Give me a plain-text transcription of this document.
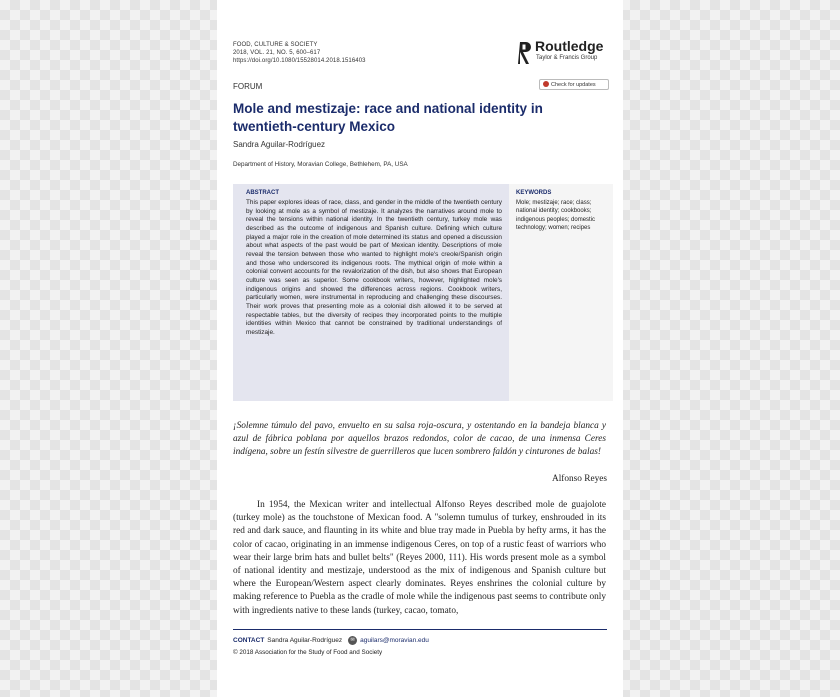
FOOD, CULTURE & SOCIETY
2018, VOL. 21, NO. 5, 600–617
https://doi.org/10.1080/15528014.2018.1516403
Routledge
Taylor & Francis Group
Check for updates
FORUM
Mole and mestizaje: race and national identity in twentieth-century Mexico
Sandra Aguilar-Rodríguez
Department of History, Moravian College, Bethlehem, PA, USA
ABSTRACT
This paper explores ideas of race, class, and gender in the middle of the twentieth century by looking at mole as a symbol of mestizaje. It analyzes the narratives around mole to reveal the tensions within national identity. In the twentieth century, turkey mole was described as the outcome of indigenous and Spanish culture. Defining which culture played a major role in the creation of mole determined its status and opened a discussion about what aspects of the past would be part of Mexican identity. Descriptions of mole reveal the tension between those who wanted to highlight mole's creole/Spanish origin and those who underscored its indigenous roots. The mythical origin of mole within a colonial convent accounts for the revalorization of the dish, but also shows that European culture was seen as superior. Some cookbook writers, however, highlighted mole's indigenous origins and showed the differences across regions. Cookbook writers, particularly women, were instrumental in reproducing and challenging these discourses. Their work proves that presenting mole as a colonial dish allowed it to be served at respectable tables, but the diversity of recipes they incorporated points to the multiple identities within Mexico that cannot be constrained by traditional understandings of mestizaje.
KEYWORDS
Mole; mestizaje; race; class; national identity; cookbooks; indigenous peoples; domestic technology; women; recipes
¡Solemne túmulo del pavo, envuelto en su salsa roja-oscura, y ostentando en la bandeja blanca y azul de fábrica poblana por aquellos brazos redondos, color de cacao, de una inmensa Ceres indígena, sobre un festín silvestre de guerrilleros que lucen sombrero faldón y cinturones de balas!
Alfonso Reyes
In 1954, the Mexican writer and intellectual Alfonso Reyes described mole de guajolote (turkey mole) as the touchstone of Mexican food. A "solemn tumulus of turkey, enshrouded in its red and dark sauce, and flaunting in its white and blue tray made in Puebla by hefty arms, it has the color of cacao, originating in an immense indigenous Ceres, on top of a rustic feast of warriors who wear their large brim hats and bullet belts" (Reyes 2000, 111). His words present mole as a symbol of national identity and mestizaje, understood as the mix of indigenous and Spanish culture but where the European/Western aspect clearly dominates. Reyes enshrines the colonial culture by making reference to Puebla as the cradle of mole while the indigenous past seems to contribute only with ingredients native to these lands (turkey, cacao, tomato,
CONTACT Sandra Aguilar-Rodríguez ✉ aguilars@moravian.edu
© 2018 Association for the Study of Food and Society
